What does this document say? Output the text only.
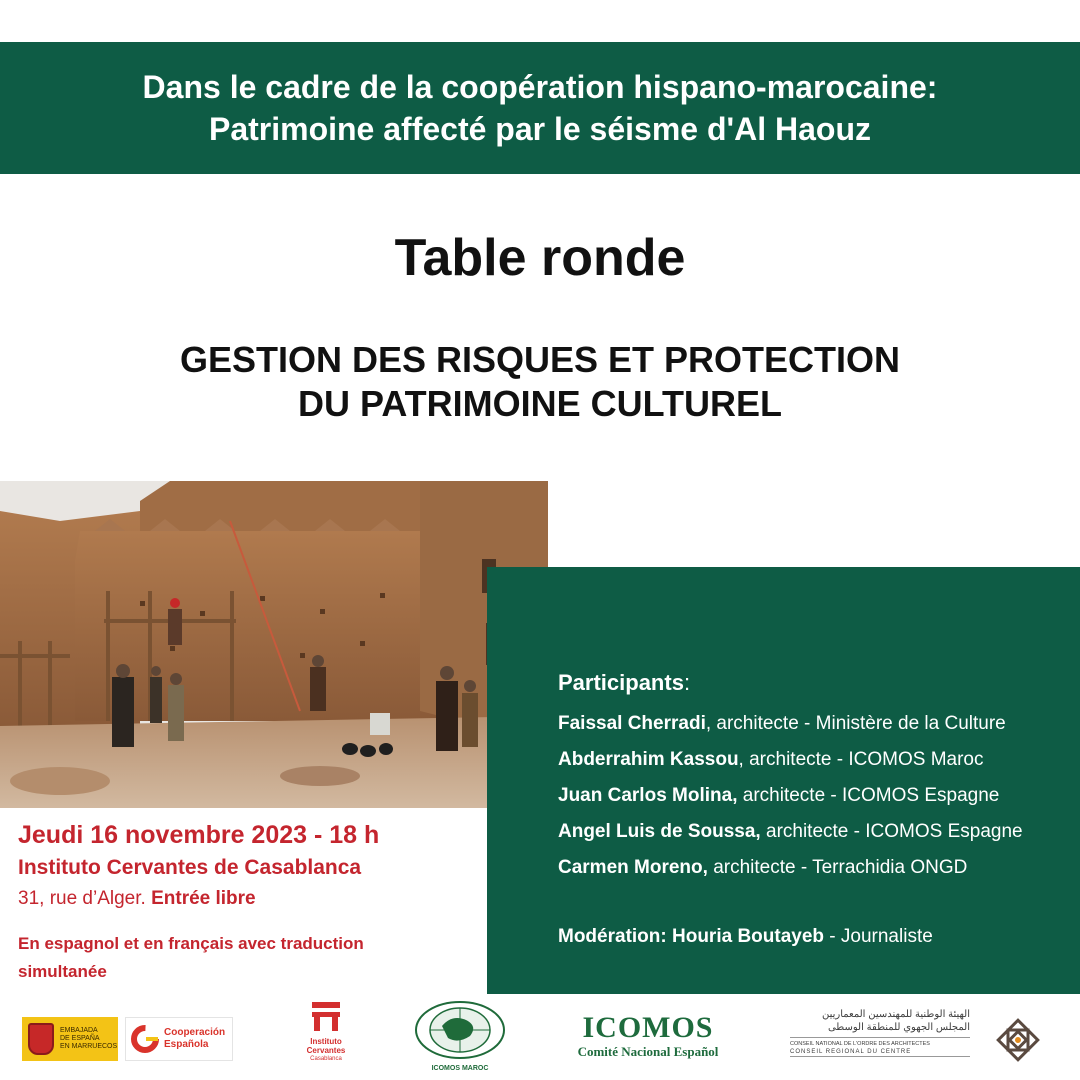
Dans le cadre de la coopération hispano-marocaine:
Patrimoine affecté par le séisme d'Al Haouz
Table ronde
GESTION DES RISQUES ET PROTECTION
DU PATRIMOINE CULTUREL
Participants:
Faissal Cherradi, architecte - Ministère de la Culture
Abderrahim Kassou, architecte - ICOMOS Maroc
Juan Carlos Molina, architecte - ICOMOS Espagne
Angel Luis de Soussa, architecte - ICOMOS Espagne
Carmen Moreno, architecte - Terrachidia ONGD
Modération: Houria Boutayeb - Journaliste
Jeudi 16 novembre 2023 - 18 h
Instituto Cervantes de Casablanca
31, rue d’Alger. Entrée libre
En espagnol et en français avec traduction simultanée
EMBAJADA
DE ESPAÑA
EN MARRUECOS
Cooperación
Española	Instituto
Cervantes
Casablanca
ICOMOS MAROC
ICOMOS
Comité Nacional Español
الهيئة الوطنية للمهندسين المعماريين
المجلس الجهوي للمنطقة الوسطى
CONSEIL NATIONAL DE L'ORDRE DES ARCHITECTES
CONSEIL REGIONAL DU CENTRE
